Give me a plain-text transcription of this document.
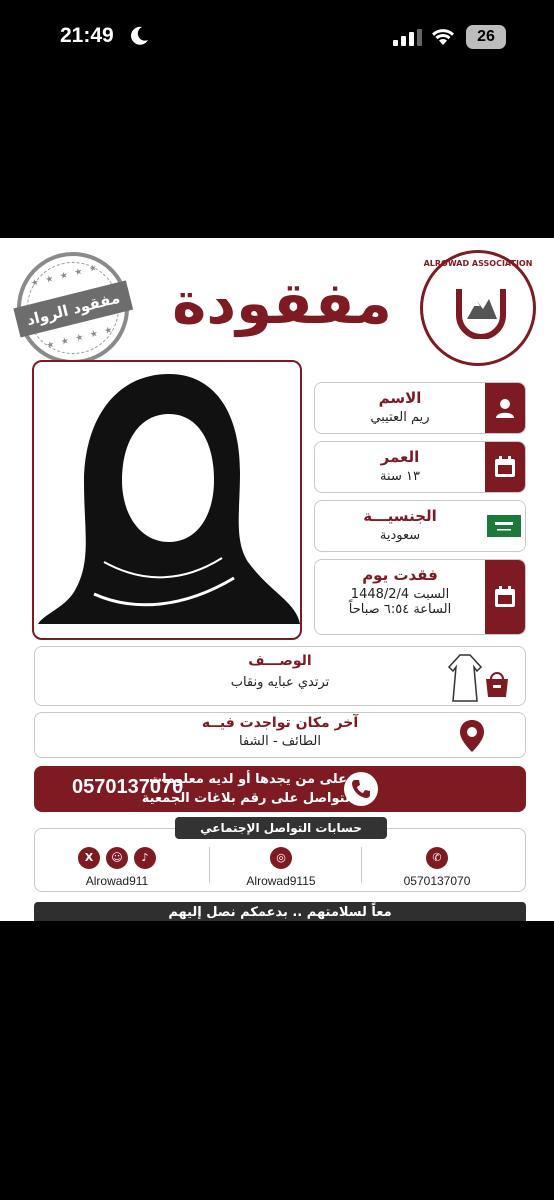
21:49	26
★ ★ ★ ★ ★
مفقود الرواد
★ ★ ★ ★ ★
مفقودة
ALROWAD ASSOCIATION
الاسم
ريم العتيبي
العمر
١٣ سنة
الجنسيـــة
سعودية
فقدت يوم
السبت 1448/2/4
الساعة ٦:٥٤ صباحاً
الوصـــف
ترتدي عبايه ونقاب
آخر مكان تواجدت فيــه
الطائف - الشفا
0570137070
على من يجدها أو لديه معلومات
التواصل على رقم بلاغات الجمعية
حسابات التواصل الإجتماعي
X	☺	♪
Alrowad911
◎
Alrowad9115
✆
0570137070
معاً لسلامتهم .. بدعمكم نصل إليهم
